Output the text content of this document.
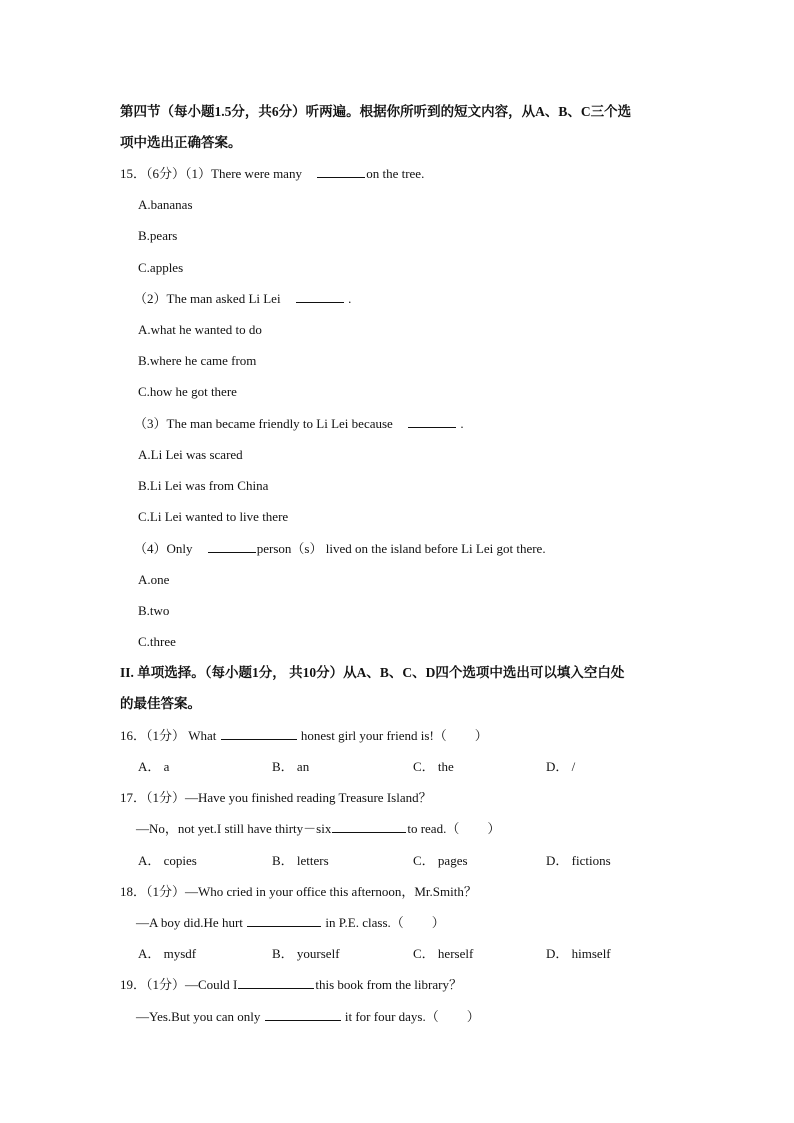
第四节（每小题1.5分，共6分）听两遍。根据你所听到的短文内容，从A、B、C三个选
项中选出正确答案。
15．（6分）（1）There were many	on the tree.
A.bananas
B.pears
C.apples
（2）The man asked Li Lei	.
A.what he wanted to do
B.where he came from
C.how he got there
（3）The man became friendly to Li Lei because	.
A.Li Lei was scared
B.Li Lei was from China
C.Li Lei wanted to live there
（4）Only	person（s） lived on the island before Li Lei got there.
A.one
B.two
C.three
II. 单项选择。（每小题1分， 共10分）从A、B、C、D四个选项中选出可以填入空白处
的最佳答案。
16．（1分） What	honest girl your friend is!（ ）
A． a	B． an	C． the	D． /
17．（1分）—Have you finished reading Treasure Island？
—No，not yet.I still have thirty－six	to read.（ ）
A． copies	B． letters	C． pages	D． fictions
18．（1分）—Who cried in your office this afternoon，Mr.Smith？
—A boy did.He hurt	in P.E. class.（ ）
A． mysdf	B． yourself	C． herself	D． himself
19．（1分）—Could I	this book from the library？
—Yes.But you can only	it for four days.（ ）
